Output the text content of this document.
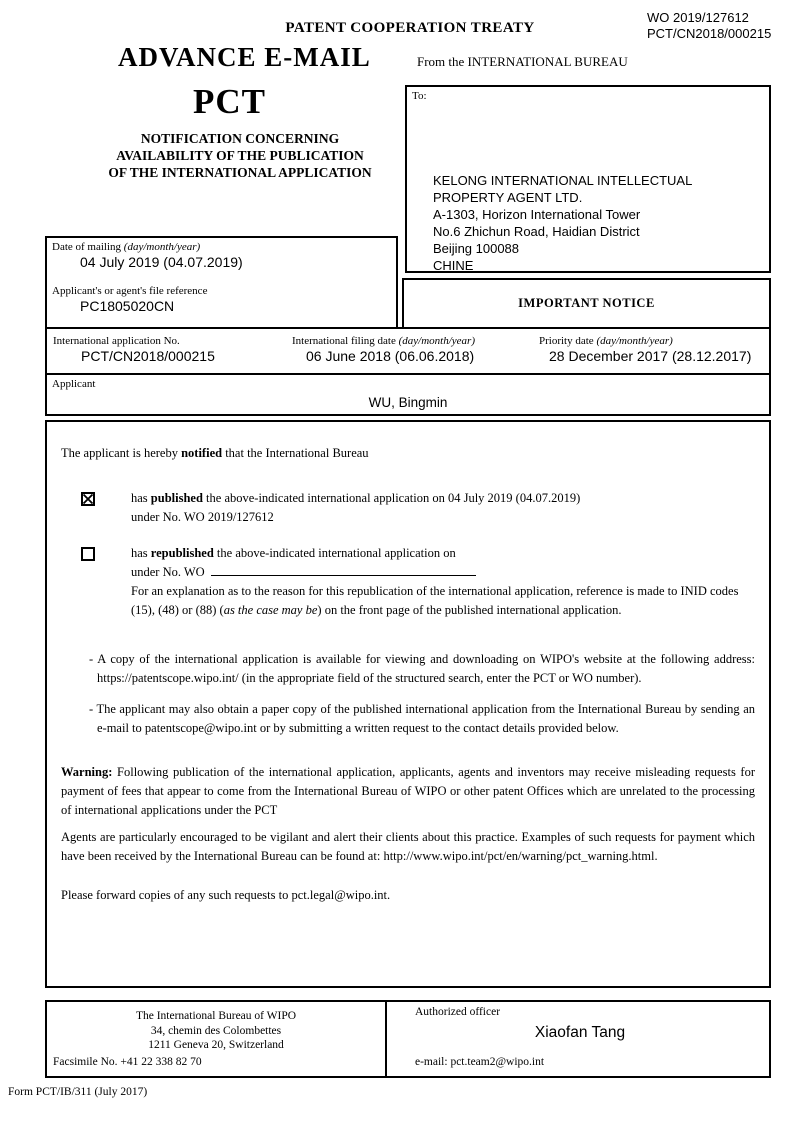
PATENT COOPERATION TREATY
WO 2019/127612
PCT/CN2018/000215
ADVANCE E-MAIL	From the INTERNATIONAL BUREAU
PCT
NOTIFICATION CONCERNING
AVAILABILITY OF THE PUBLICATION
OF THE INTERNATIONAL APPLICATION
To:
KELONG INTERNATIONAL INTELLECTUAL
PROPERTY AGENT LTD.
A-1303, Horizon International Tower
No.6 Zhichun Road, Haidian District
Beijing 100088
CHINE
Date of mailing (day/month/year)
04 July 2019 (04.07.2019)
Applicant's or agent's file reference
PC1805020CN	IMPORTANT NOTICE
International application No.
PCT/CN2018/000215
International filing date (day/month/year)
06 June 2018 (06.06.2018)
Priority date (day/month/year)
28 December 2017 (28.12.2017)
Applicant
WU, Bingmin
The applicant is hereby notified that the International Bureau
has published the above-indicated international application on 04 July 2019 (04.07.2019)
under No. WO 2019/127612
has republished the above-indicated international application on
under No. WO
For an explanation as to the reason for this republication of the international application, reference is made to INID codes (15), (48) or (88) (as the case may be) on the front page of the published international application.
- A copy of the international application is available for viewing and downloading on WIPO's website at the following address: https://patentscope.wipo.int/ (in the appropriate field of the structured search, enter the PCT or WO number).
- The applicant may also obtain a paper copy of the published international application from the International Bureau by sending an e-mail to patentscope@wipo.int or by submitting a written request to the contact details provided below.
Warning: Following publication of the international application, applicants, agents and inventors may receive misleading requests for payment of fees that appear to come from the International Bureau of WIPO or other patent Offices which are unrelated to the processing of international applications under the PCT
Agents are particularly encouraged to be vigilant and alert their clients about this practice. Examples of such requests for payment which have been received by the International Bureau can be found at: http://www.wipo.int/pct/en/warning/pct_warning.html.
Please forward copies of any such requests to pct.legal@wipo.int.
The International Bureau of WIPO
34, chemin des Colombettes
1211 Geneva 20, Switzerland
Facsimile No. +41 22 338 82 70
Authorized officer
Xiaofan Tang
e-mail: pct.team2@wipo.int
Form PCT/IB/311 (July 2017)
